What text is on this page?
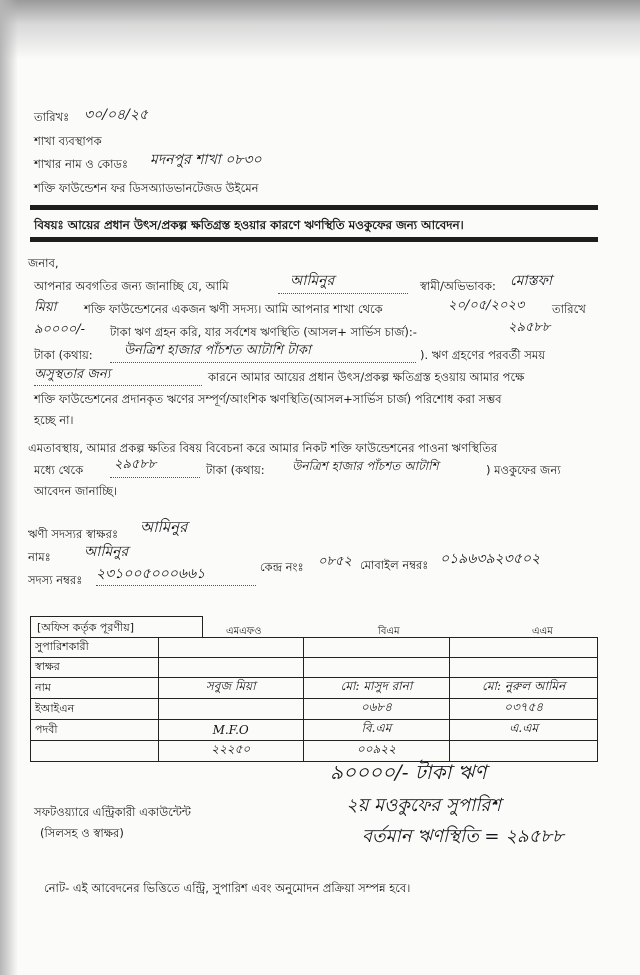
তারিখঃ ৩০/০৪/২৫
শাখা ব্যবস্থাপক
শাখার নাম ও কোডঃ মদনপুর শাখা ০৮৩০
শক্তি ফাউন্ডেশন ফর ডিসঅ্যাডভানটেজড উইমেন
বিষয়ঃ আয়ের প্রধান উৎস/প্রকল্প ক্ষতিগ্রস্ত হওয়ার কারণে ঋণস্থিতি মওকুফের জন্য আবেদন।
জনাব,
আপনার অবগতির জন্য জানাচ্ছি যে, আমি	আমিনুর	স্বামী/অভিভাবক: মোস্তফা
মিয়া শক্তি ফাউন্ডেশনের একজন ঋণী সদস্য। আমি আপনার শাখা থেকে	২০/০৫/২০২৩ তারিখে
৯০০০০/- টাকা ঋণ গ্রহন করি, যার সর্বশেষ ঋণস্থিতি (আসল+ সার্ভিস চার্জ):-	২৯৫৮৮
টাকা (কথায়: উনত্রিশ হাজার পাঁচশত আটাশি টাকা	). ঋণ গ্রহণের পরবর্তী সময়
অসুস্থতার জন্য	কারনে আমার আয়ের প্রধান উৎস/প্রকল্প ক্ষতিগ্রস্ত হওয়ায় আমার পক্ষে
শক্তি ফাউন্ডেশনের প্রদানকৃত ঋণের সম্পূর্ণ/আংশিক ঋণস্থিতি(আসল+সার্ভিস চার্জ) পরিশোধ করা সম্ভব
হচ্ছে না।
এমতাবস্থায়, আমার প্রকল্প ক্ষতির বিষয় বিবেচনা করে আমার নিকট শক্তি ফাউন্ডেশনের পাওনা ঋণস্থিতির
মধ্যে থেকে ২৯৫৮৮	টাকা (কথায়: উনত্রিশ হাজার পাঁচশত আটাশি	) মওকুফের জন্য
আবেদন জানাচ্ছি।
ঋণী সদস্যর স্বাক্ষরঃ আমিনুর
নামঃ আমিনুর
সদস্য নম্বরঃ ২৩১০০৫০০০৬৬১	কেন্দ্র নংঃ ০৮৫২ মোবাইল নম্বরঃ ০১৯৬৩৯২৩৫০২
[অফিস কর্তৃক পূরণীয়]	এমএফও	বিএম	এএম
সুপারিশকারী			
স্বাক্ষর			
নাম	সবুজ মিয়া	মো: মাসুদ রানা	মো: নুরুল আমিন
ইআইএন		০৬৮৪	০৩৭৫৪
পদবী	M.F.O	বি.এম	এ.এম
	২২২৫০	০০৯২২	
৯০০০০/- টাকা ঋণ
২য় মওকুফের সুপারিশ
বর্তমান ঋণস্থিতি = ২৯৫৮৮
সফটওয়্যারে এন্ট্রিকারী একাউন্টেন্ট
(সিলসহ ও স্বাক্ষর)
নোট- এই আবেদনের ভিত্তিতে এন্ট্রি, সুপারিশ এবং অনুমোদন প্রক্রিয়া সম্পন্ন হবে।
